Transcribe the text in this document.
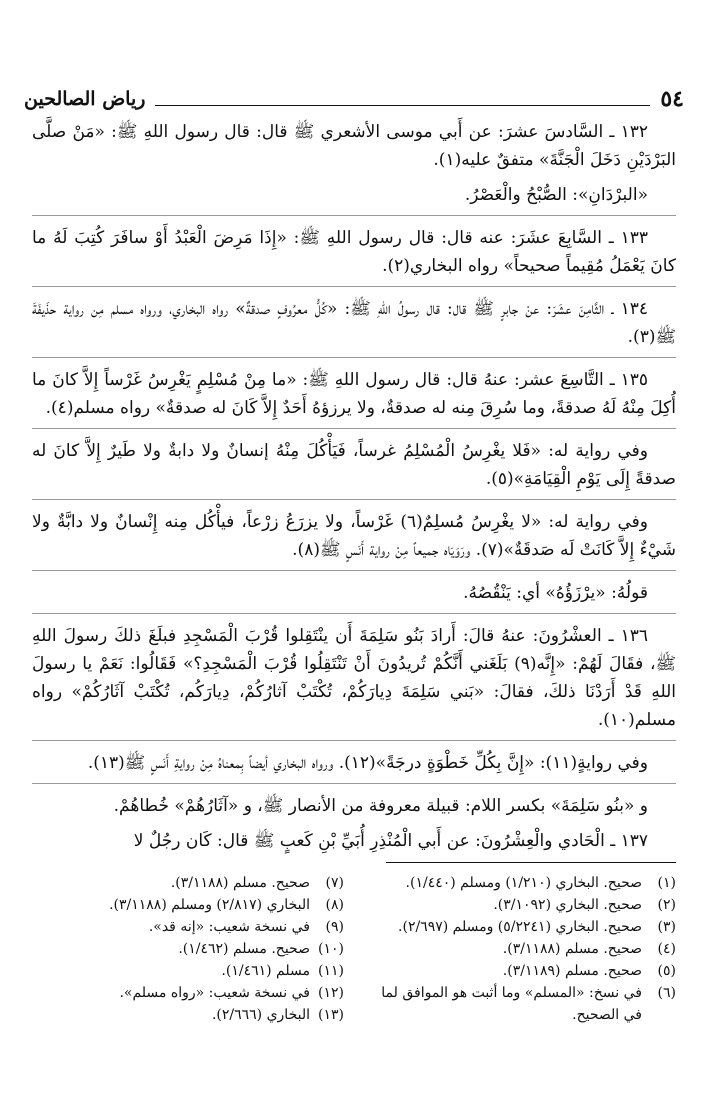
٥٤
رياض الصالحين

١٣٢ ـ السَّادسَ عشرَ: عن أَبي موسى الأشعري ﷺ قال: قال رسول اللهِ ﷺ: «مَنْ صلَّى البَرْدَيْنِ دَخَلَ الْجَنَّةَ» متفقٌ عليه(١).

«البرْدَانِ»: الصُّبْحُ والْعَصْرُ.

١٣٣ ـ السَّابِعَ عشَرَ: عنه قال: قال رسول اللهِ ﷺ: «إِذَا مَرِضَ الْعَبْدُ أَوْ سافَرَ كُتِبَ لَهُ ما كانَ يَعْمَلُ مُقِيماً صحيحاً» رواه البخاري(٢).

١٣٤ ـ الثَّامِنَ عشَرَ: عنْ جابرٍ ﷺ قال: قال رسولُ اللهِ ﷺ: «كُلُّ معرُوفٍ صدقةٌ» رواه البخاري، ورواه مسلم مِن رواية حذَيفَةَ ﷺ(٣).

١٣٥ ـ التَّاسِعَ عشر: عنهُ قال: قال رسول اللهِ ﷺ: «ما مِنْ مُسْلِمٍ يَغْرِسُ غَرْساً إِلاَّ كانَ ما أُكِلَ مِنْهُ لَهُ صدقةً، وما سُرِقَ مِنه له صدقةٌ، ولا يرزؤهُ أَحَدٌ إِلاَّ كَانَ له صدقةٌ» رواه مسلم(٤).

وفي رواية له: «فَلا يغْرِسُ الْمُسْلِمُ غرساً، فَيَأْكُلَ مِنْهُ إنسانٌ ولا دابةٌ ولا طَيرٌ إِلاَّ كانَ له صدقةً إِلَى يَوْمِ الْقِيَامَةِ»(٥).

وفي رواية له: «لا يغْرِسُ مُسلِمٌ(٦) غَرْساً، ولا يزرَعُ زرْعاً، فيأْكُل مِنه إِنْسانٌ ولا دابَّةٌ ولا شَيْءٌ إِلاَّ كَانَتْ لَه صَدقَةٌ»(٧). ورَوَيَاه جميعاً مِنْ رواية أَنَسٍ ﷺ(٨).

قولُهُ: «يرْزَؤُهُ» أي: يَنْقُصُهُ.

١٣٦ ـ العشْرُونَ: عنهُ قالَ: أَرادَ بَنُو سَلِمَةَ أَن ينْتَقِلوا قُرْبَ الْمَسْجِدِ فبلَغَ ذلكَ رسولَ اللهِ ﷺ، فقَالَ لَهُمْ: «إِنَّه(٩) بَلَغَني أَنَّكُمْ تُريدُونَ أَنْ تَنْتَقِلُوا قُرْبَ الْمَسْجِدِ؟» فَقَالُوا: نَعَمْ يا رسولَ اللهِ قَدْ أَرَدْنَا ذلكَ، فقالَ: «بَني سَلِمَةَ دِيارَكُمْ، تُكْتَبْ آثارُكُمْ، دِيارَكُم، تُكْتَبْ آثَارُكُمْ» رواه مسلم(١٠).

وفي روايةٍ(١١): «إِنَّ بِكُلِّ خَطْوَةٍ درجَةً»(١٢). ورواه البخاري أيضاً بِمعناهُ مِنْ روايةِ أَنَسٍ ﷺ(١٣).

و «بنُو سَلِمَةَ» بكسر اللام: قبيلة معروفة من الأنصار ﷺ، و «آثَارُهُمْ» خُطاهُمْ.

١٣٧ ـ الْحَادي والْعِشْرُونَ: عن أَبي الْمُنْذِرِ أُبَيِّ بْنِ كَعبٍ ﷺ قال: كَان رجُلٌ لا

(١)
صحيح. البخاري (١/٢١٠) ومسلم (١/٤٤٠).
(٢)
صحيح. البخاري (٣/١٠٩٢).
(٣)
صحيح. البخاري (٥/٢٢٤١) ومسلم (٢/٦٩٧).
(٤)
صحيح. مسلم (٣/١١٨٨).
(٥)
صحيح. مسلم (٣/١١٨٩).
(٦)
في نسخ: «المسلم» وما أثبت هو الموافق لما في الصحيح.
(٧)
صحيح. مسلم (٣/١١٨٨).
(٨)
البخاري (٢/٨١٧) ومسلم (٣/١١٨٨).
(٩)
في نسخة شعيب: «إنه قد».
(١٠)
صحيح. مسلم (١/٤٦٢).
(١١)
مسلم (١/٤٦١).
(١٢)
في نسخة شعيب: «رواه مسلم».
(١٣)
البخاري (٢/٦٦٦).
